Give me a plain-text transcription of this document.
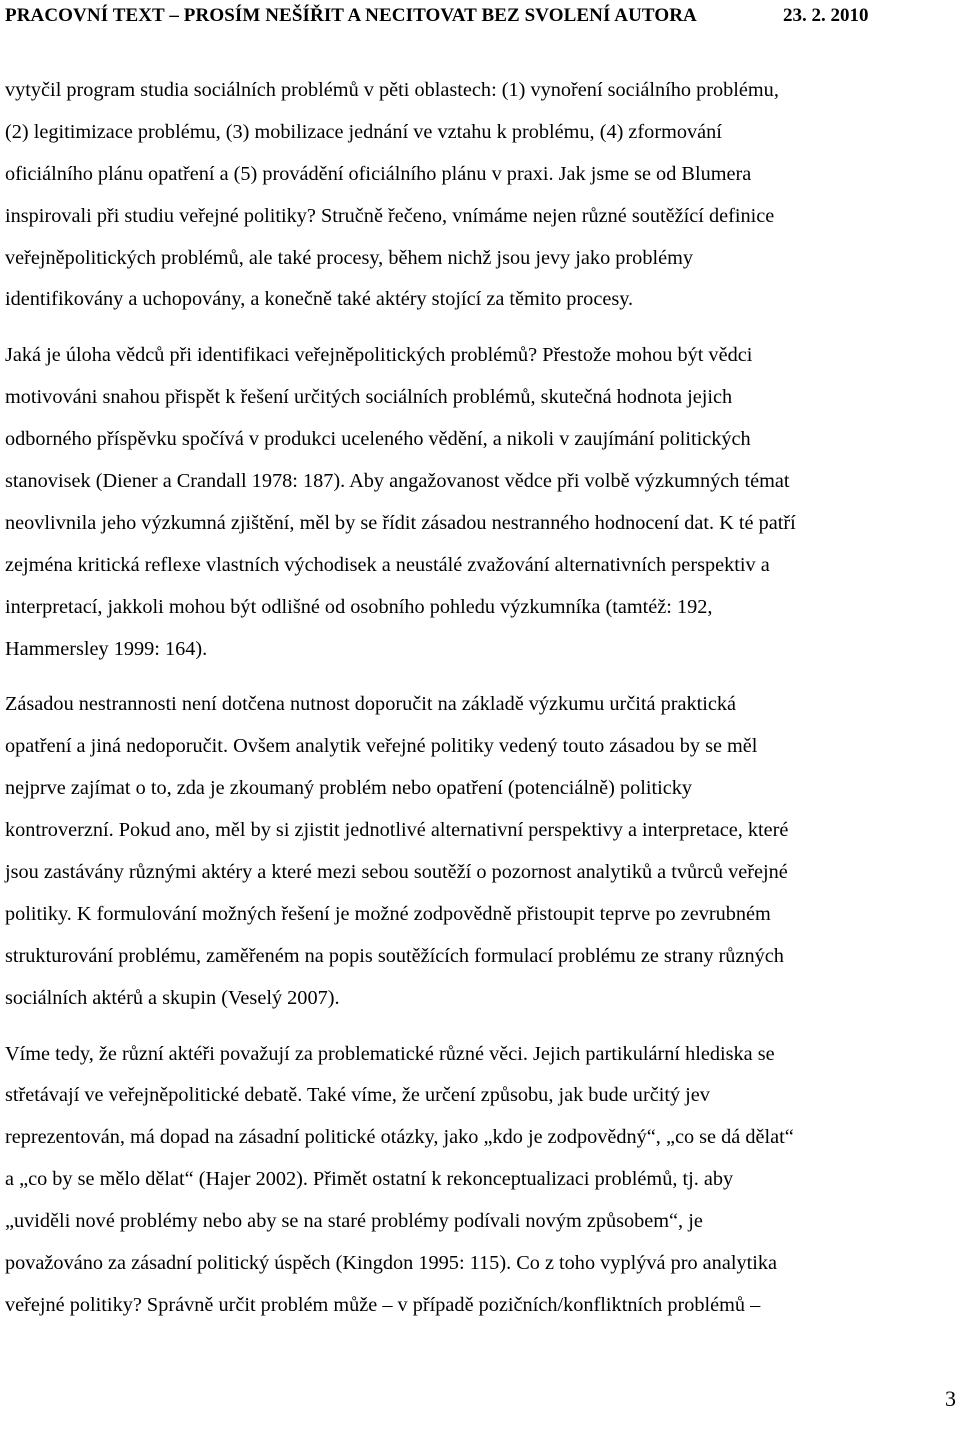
PRACOVNÍ TEXT – PROSÍM NEŠÍŘIT A NECITOVAT BEZ SVOLENÍ AUTORA	23. 2. 2010

vytyčil program studia sociálních problémů v pěti oblastech: (1) vynoření sociálního problému,
(2) legitimizace problému, (3) mobilizace jednání ve vztahu k problému, (4) zformování
oficiálního plánu opatření a (5) provádění oficiálního plánu v praxi. Jak jsme se od Blumera
inspirovali při studiu veřejné politiky? Stručně řečeno, vnímáme nejen různé soutěžící definice
veřejněpolitických problémů, ale také procesy, během nichž jsou jevy jako problémy
identifikovány a uchopovány, a konečně také aktéry stojící za těmito procesy.

Jaká je úloha vědců při identifikaci veřejněpolitických problémů? Přestože mohou být vědci
motivováni snahou přispět k řešení určitých sociálních problémů, skutečná hodnota jejich
odborného příspěvku spočívá v produkci uceleného vědění, a nikoli v zaujímání politických
stanovisek (Diener a Crandall 1978: 187). Aby angažovanost vědce při volbě výzkumných témat
neovlivnila jeho výzkumná zjištění, měl by se řídit zásadou nestranného hodnocení dat. K té patří
zejména kritická reflexe vlastních východisek a neustálé zvažování alternativních perspektiv a
interpretací, jakkoli mohou být odlišné od osobního pohledu výzkumníka (tamtéž: 192,
Hammersley 1999: 164).

Zásadou nestrannosti není dotčena nutnost doporučit na základě výzkumu určitá praktická
opatření a jiná nedoporučit. Ovšem analytik veřejné politiky vedený touto zásadou by se měl
nejprve zajímat o to, zda je zkoumaný problém nebo opatření (potenciálně) politicky
kontroverzní. Pokud ano, měl by si zjistit jednotlivé alternativní perspektivy a interpretace, které
jsou zastávány různými aktéry a které mezi sebou soutěží o pozornost analytiků a tvůrců veřejné
politiky. K formulování možných řešení je možné zodpovědně přistoupit teprve po zevrubném
strukturování problému, zaměřeném na popis soutěžících formulací problému ze strany různých
sociálních aktérů a skupin (Veselý 2007).

Víme tedy, že různí aktéři považují za problematické různé věci. Jejich partikulární hlediska se
střetávají ve veřejněpolitické debatě. Také víme, že určení způsobu, jak bude určitý jev
reprezentován, má dopad na zásadní politické otázky, jako „kdo je zodpovědný“, „co se dá dělat“
a „co by se mělo dělat“ (Hajer 2002). Přimět ostatní k rekonceptualizaci problémů, tj. aby
„uviděli nové problémy nebo aby se na staré problémy podívali novým způsobem“, je
považováno za zásadní politický úspěch (Kingdon 1995: 115). Co z toho vyplývá pro analytika
veřejné politiky? Správně určit problém může – v případě pozičních/konfliktních problémů –

3
